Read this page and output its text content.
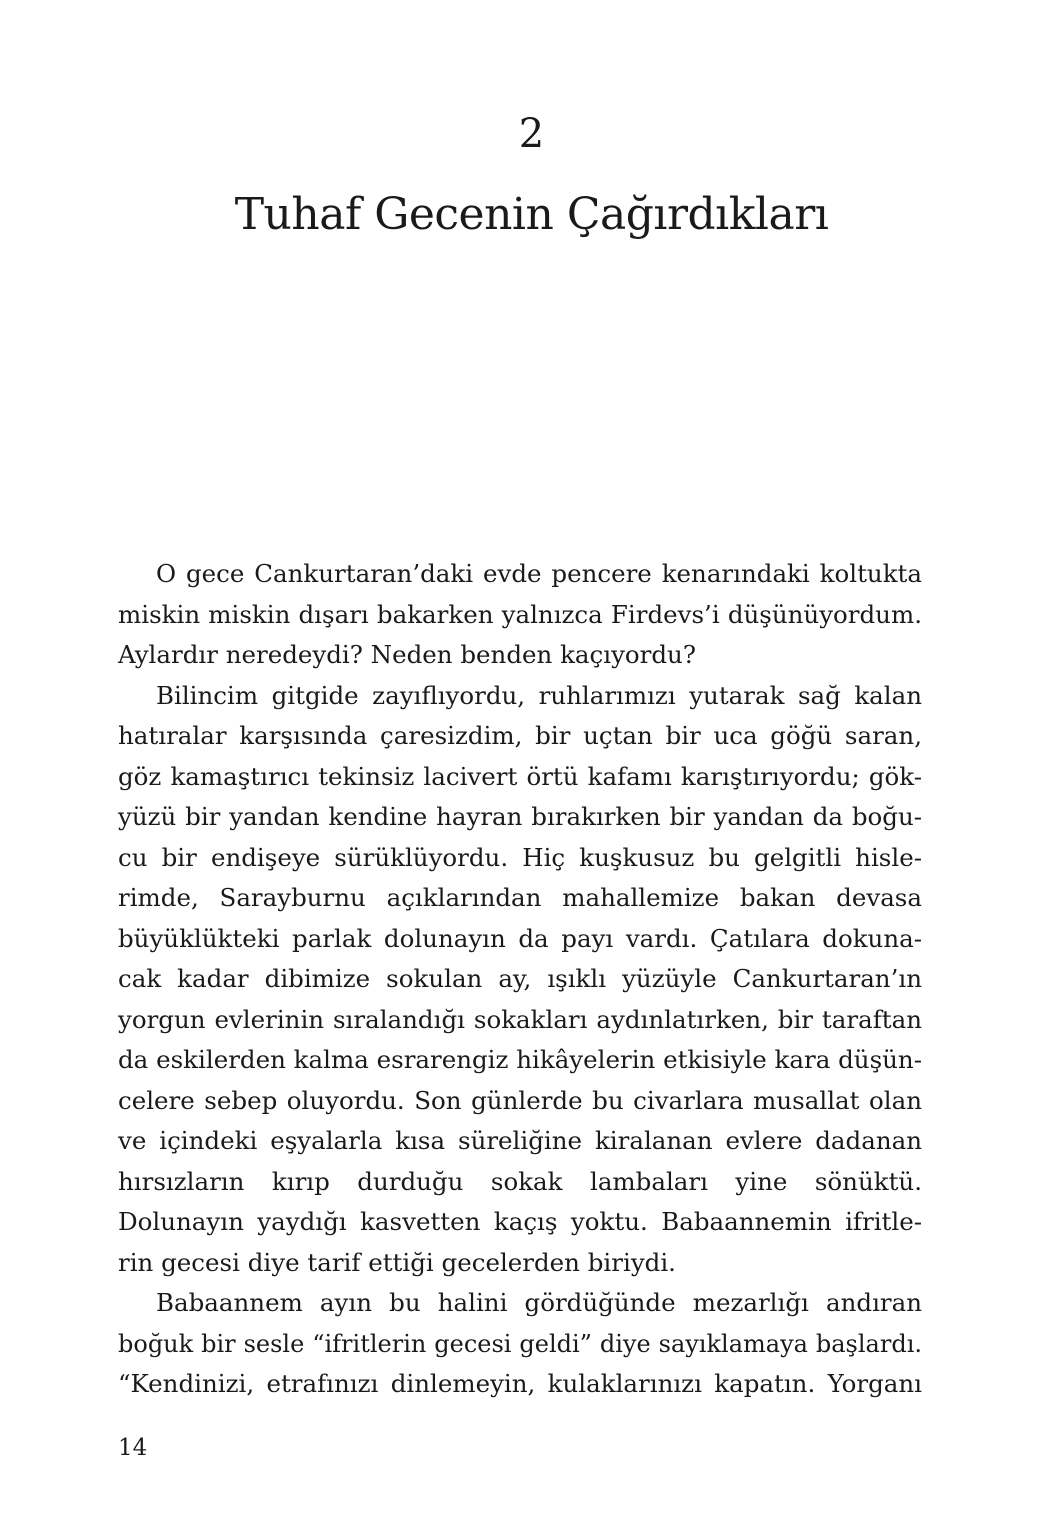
2
Tuhaf Gecenin Çağırdıkları
O gece Cankurtaran’daki evde pencere kenarındaki koltukta
miskin miskin dışarı bakarken yalnızca Firdevs’i düşünüyordum.
Aylardır neredeydi? Neden benden kaçıyordu?
Bilincim gitgide zayıflıyordu, ruhlarımızı yutarak sağ kalan
hatıralar karşısında çaresizdim, bir uçtan bir uca göğü saran,
göz kamaştırıcı tekinsiz lacivert örtü kafamı karıştırıyordu; gök-
yüzü bir yandan kendine hayran bırakırken bir yandan da boğu-
cu bir endişeye sürüklüyordu. Hiç kuşkusuz bu gelgitli hisle-
rimde, Sarayburnu açıklarından mahallemize bakan devasa
büyüklükteki parlak dolunayın da payı vardı. Çatılara dokuna-
cak kadar dibimize sokulan ay, ışıklı yüzüyle Cankurtaran’ın
yorgun evlerinin sıralandığı sokakları aydınlatırken, bir taraftan
da eskilerden kalma esrarengiz hikâyelerin etkisiyle kara düşün-
celere sebep oluyordu. Son günlerde bu civarlara musallat olan
ve içindeki eşyalarla kısa süreliğine kiralanan evlere dadanan
hırsızların kırıp durduğu sokak lambaları yine sönüktü.
Dolunayın yaydığı kasvetten kaçış yoktu. Babaannemin ifritle-
rin gecesi diye tarif ettiği gecelerden biriydi.
Babaannem ayın bu halini gördüğünde mezarlığı andıran
boğuk bir sesle “ifritlerin gecesi geldi” diye sayıklamaya başlardı.
“Kendinizi, etrafınızı dinlemeyin, kulaklarınızı kapatın. Yorganı
14
